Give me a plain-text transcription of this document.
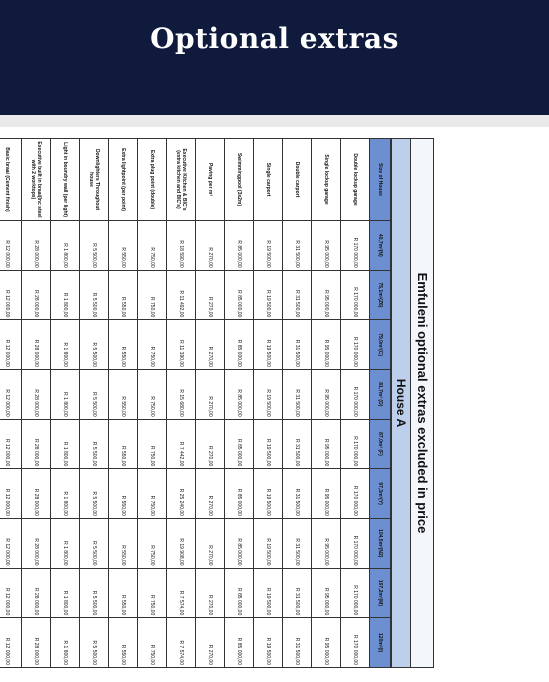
Optional extras
Emfuleni optional extras excluded in price
House A
Size of House	40,7m²(N)	75,1m²(Z6)	79,0m²(C)	81,7m² (D)	87,0m² (F)	97,3m²(Y)	104,5m²(N2)	107,2m²(M)	120m²(I)
Double lockup garage	R 170 000,00	R 170 000,00	R 170 000,00	R 170 000,00	R 170 000,00	R 170 000,00	R 170 000,00	R 170 000,00	R 170 000,00
Single lockup garage	R 95 000,00	R 95 000,00	R 95 000,00	R 95 000,00	R 95 000,00	R 95 000,00	R 95 000,00	R 95 000,00	R 95 000,00
Double carport	R 31 500,00	R 31 500,00	R 31 500,00	R 31 500,00	R 31 500,00	R 31 500,00	R 31 500,00	R 31 500,00	R 31 500,00
Single carport	R 19 500,00	R 19 500,00	R 19 500,00	R 19 500,00	R 19 500,00	R 19 500,00	R 19 500,00	R 19 500,00	R 19 500,00
Swimmingpool (3x2m)	R 85 000,00	R 85 000,00	R 85 000,00	R 85 000,00	R 85 000,00	R 85 000,00	R 85 000,00	R 85 000,00	R 85 000,00
Paving per m²	R 270,00	R 270,00	R 270,00	R 270,00	R 270,00	R 270,00	R 270,00	R 270,00	R 270,00
Executive Kitchen & BIC's (extra kitchen and BIC's)	R 18 590,00	R 11 492,00	R 11 390,00	R 15 680,00	R 7 442,00	R 25 240,00	R 19 908,00	R 7 574,00	R 7 574,00
Extra plug point (double)	R 750,00	R 750,00	R 750,00	R 750,00	R 750,00	R 750,00	R 750,00	R 750,00	R 750,00
Extra lightpoint (per point)	R 550,00	R 550,00	R 550,00	R 550,00	R 550,00	R 550,00	R 550,00	R 550,00	R 550,00
Downlighters Throughout house	R 5 500,00	R 5 500,00	R 5 500,00	R 5 500,00	R 5 500,00	R 5 500,00	R 5 500,00	R 5 500,00	R 5 500,00
Light in boundry wall (per light)	R 1 800,00	R 1 800,00	R 1 800,00	R 1 800,00	R 1 800,00	R 1 800,00	R 1 800,00	R 1 800,00	R 1 800,00
Executive built in braai(Inc steel with 2 worktops)	R 28 000,00	R 28 000,00	R 28 000,00	R 28 000,00	R 28 000,00	R 28 000,00	R 28 000,00	R 28 000,00	R 28 000,00
Basic braai (Cement finish)	R 12 000,00	R 12 000,00	R 12 000,00	R 12 000,00	R 12 000,00	R 12 000,00	R 12 000,00	R 12 000,00	R 12 000,00
